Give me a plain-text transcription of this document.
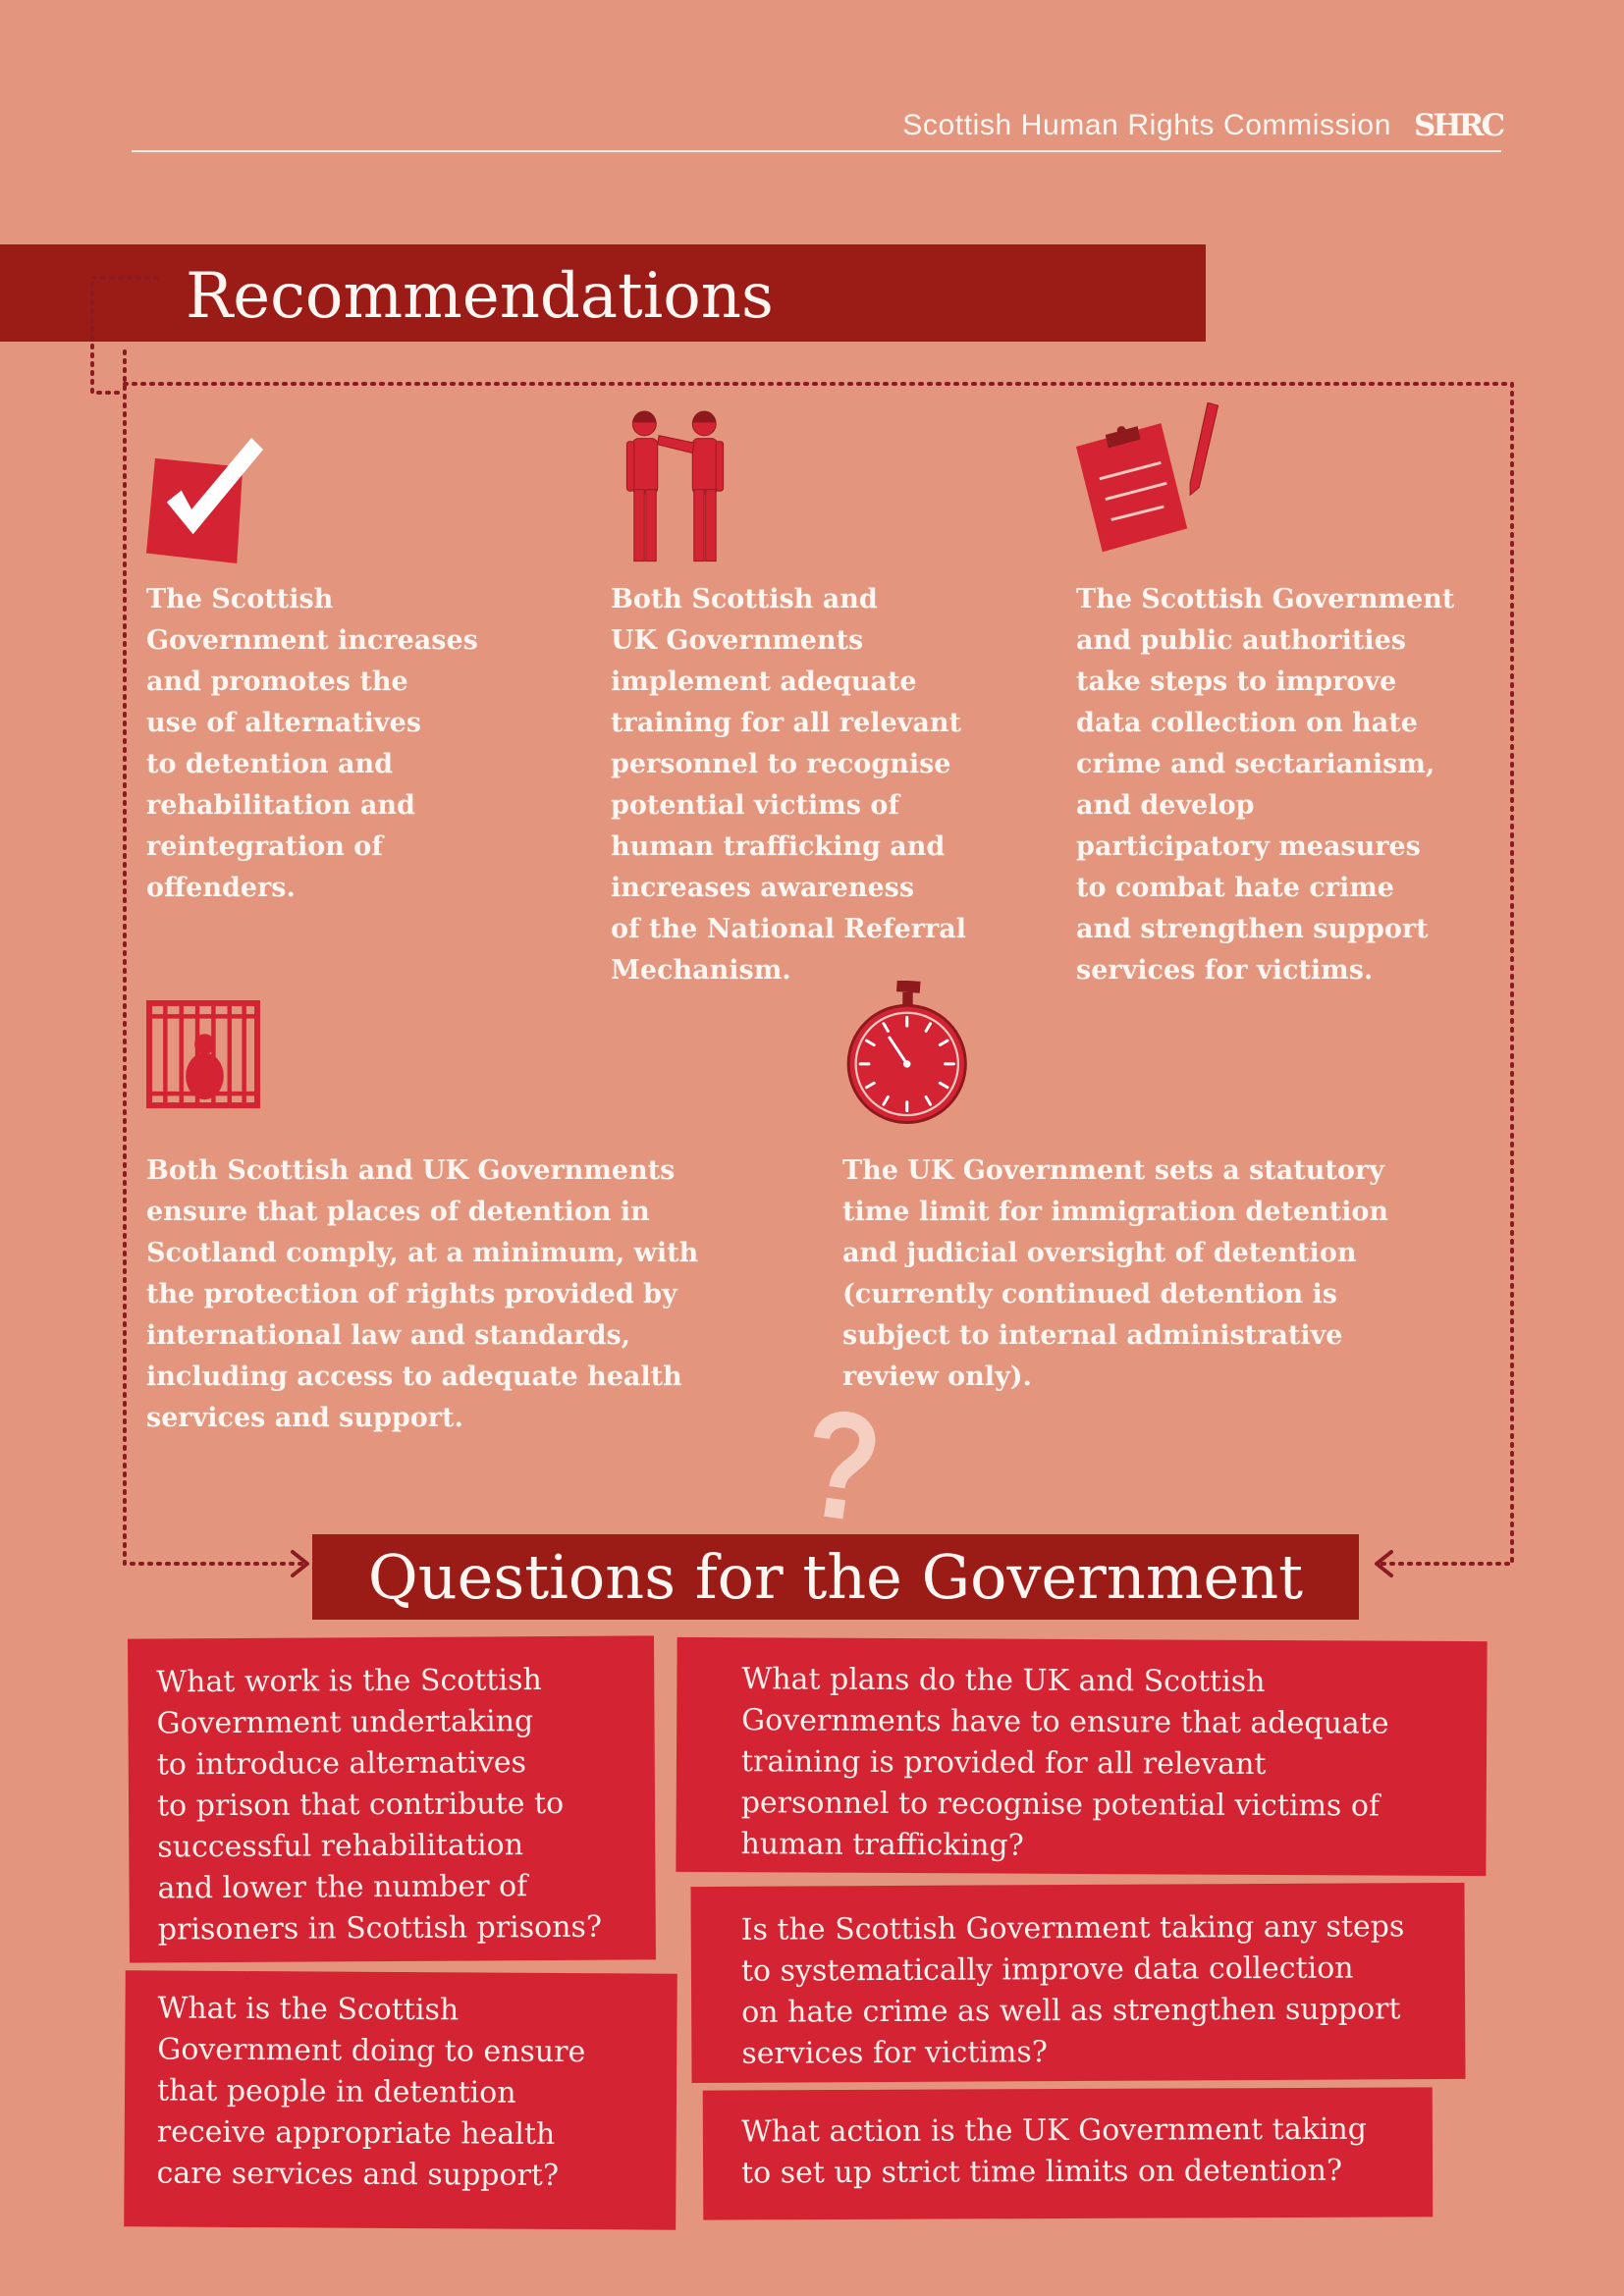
Scottish Human Rights Commission SHRC
Recommendations
The Scottish
Government increases
and promotes the
use of alternatives
to detention and
rehabilitation and
reintegration of
offenders.
Both Scottish and
UK Governments
implement adequate
training for all relevant
personnel to recognise
potential victims of
human trafficking and
increases awareness
of the National Referral
Mechanism.
The Scottish Government
and public authorities
take steps to improve
data collection on hate
crime and sectarianism,
and develop
participatory measures
to combat hate crime
and strengthen support
services for victims.
Both Scottish and UK Governments
ensure that places of detention in
Scotland comply, at a minimum, with
the protection of rights provided by
international law and standards,
including access to adequate health
services and support.
The UK Government sets a statutory
time limit for immigration detention
and judicial oversight of detention
(currently continued detention is
subject to internal administrative
review only).
Questions for the Government
What work is the Scottish
Government undertaking
to introduce alternatives
to prison that contribute to
successful rehabilitation
and lower the number of
prisoners in Scottish prisons?
What plans do the UK and Scottish
Governments have to ensure that adequate
training is provided for all relevant
personnel to recognise potential victims of
human trafficking?
Is the Scottish Government taking any steps
to systematically improve data collection
on hate crime as well as strengthen support
services for victims?
What is the Scottish
Government doing to ensure
that people in detention
receive appropriate health
care services and support?
What action is the UK Government taking
to set up strict time limits on detention?
